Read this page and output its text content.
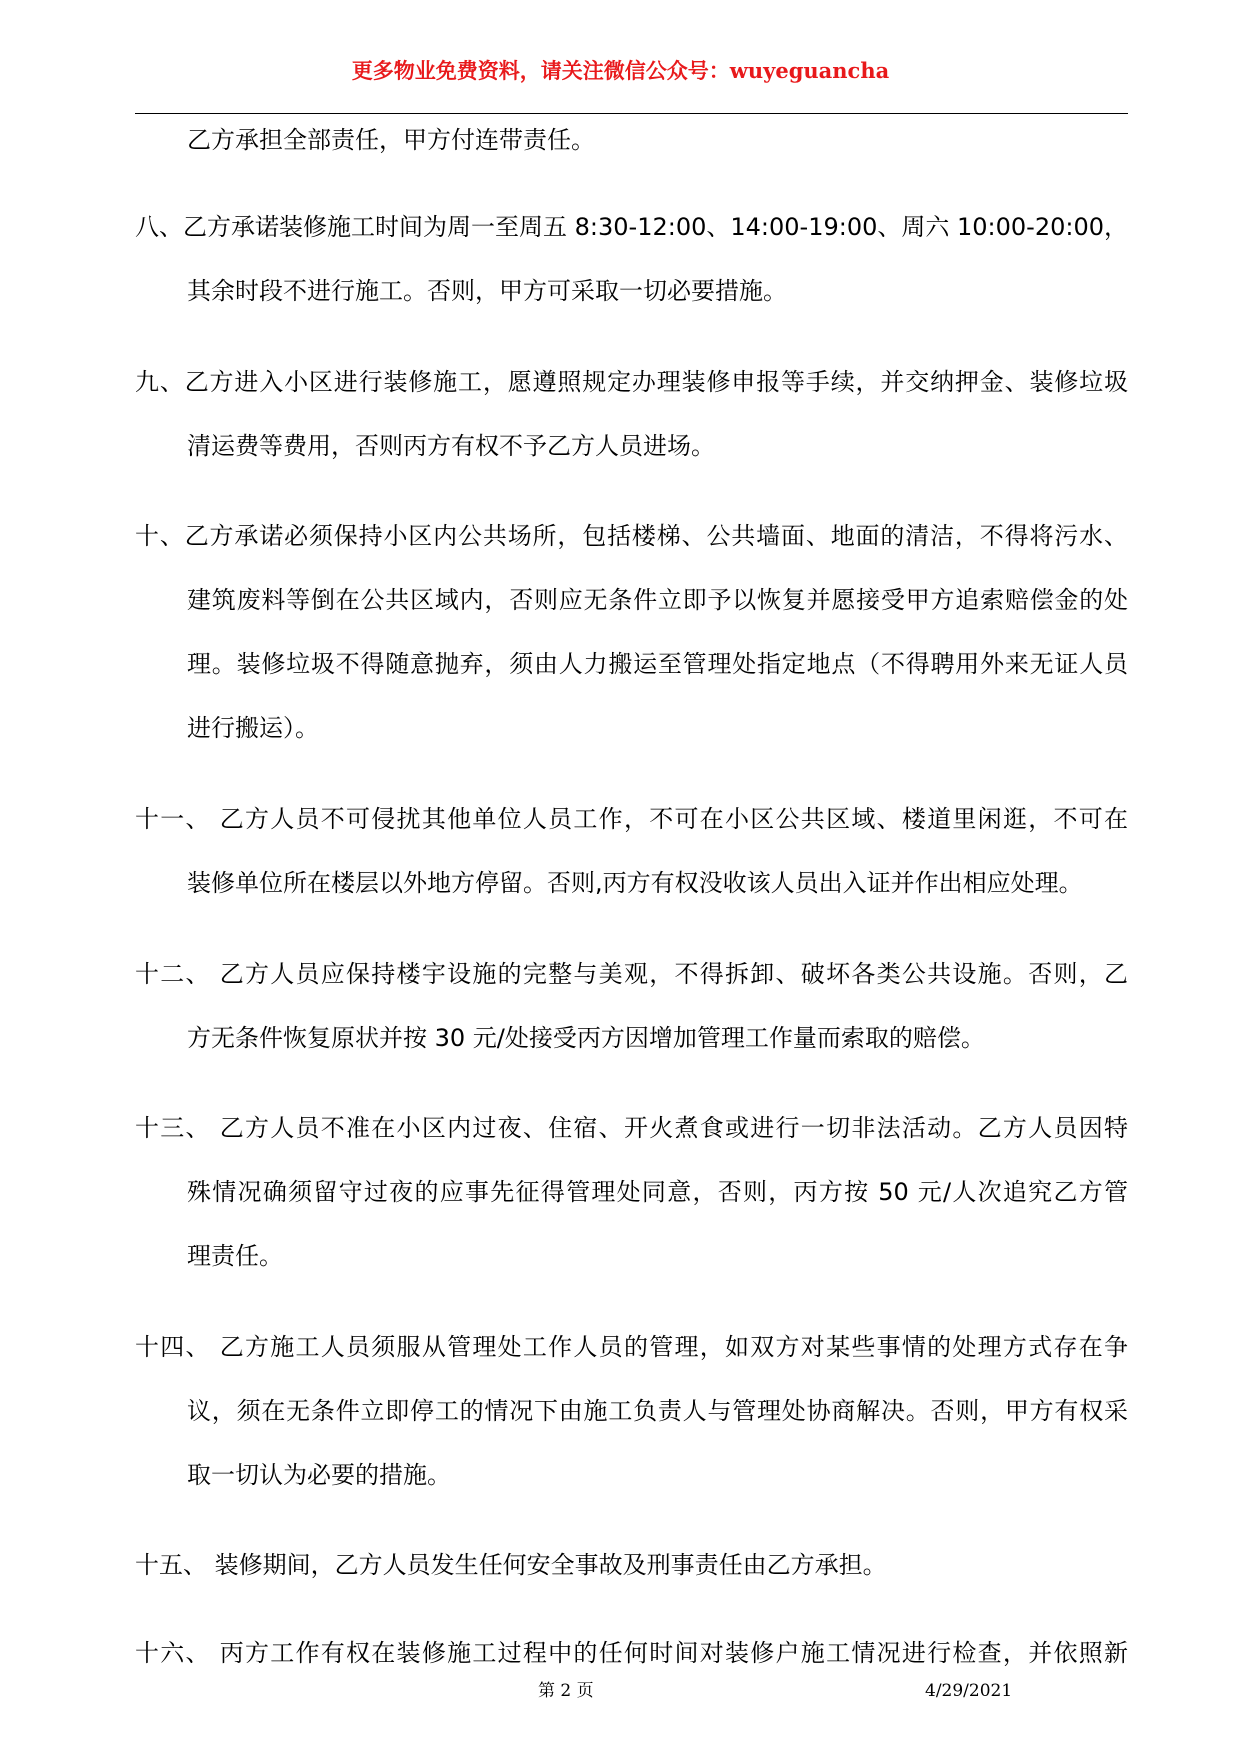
更多物业免费资料，请关注微信公众号：wuyeguancha
乙方承担全部责任，甲方付连带责任。
八、乙方承诺装修施工时间为周一至周五 8:30-12:00、14:00-19:00、周六 10:00-20:00，
其余时段不进行施工。否则，甲方可采取一切必要措施。
九、乙方进入小区进行装修施工，愿遵照规定办理装修申报等手续，并交纳押金、装修垃圾
清运费等费用，否则丙方有权不予乙方人员进场。
十、乙方承诺必须保持小区内公共场所，包括楼梯、公共墙面、地面的清洁，不得将污水、
建筑废料等倒在公共区域内，否则应无条件立即予以恢复并愿接受甲方追索赔偿金的处
理。装修垃圾不得随意抛弃，须由人力搬运至管理处指定地点（不得聘用外来无证人员
进行搬运）。
十一、 乙方人员不可侵扰其他单位人员工作，不可在小区公共区域、楼道里闲逛，不可在
装修单位所在楼层以外地方停留。否则,丙方有权没收该人员出入证并作出相应处理。
十二、 乙方人员应保持楼宇设施的完整与美观，不得拆卸、破坏各类公共设施。否则，乙
方无条件恢复原状并按 30 元/处接受丙方因增加管理工作量而索取的赔偿。
十三、 乙方人员不准在小区内过夜、住宿、开火煮食或进行一切非法活动。乙方人员因特
殊情况确须留守过夜的应事先征得管理处同意，否则，丙方按 50 元/人次追究乙方管
理责任。
十四、 乙方施工人员须服从管理处工作人员的管理，如双方对某些事情的处理方式存在争
议，须在无条件立即停工的情况下由施工负责人与管理处协商解决。否则，甲方有权采
取一切认为必要的措施。
十五、 装修期间，乙方人员发生任何安全事故及刑事责任由乙方承担。
十六、 丙方工作有权在装修施工过程中的任何时间对装修户施工情况进行检查，并依照新
第 2 页	4/29/2021
